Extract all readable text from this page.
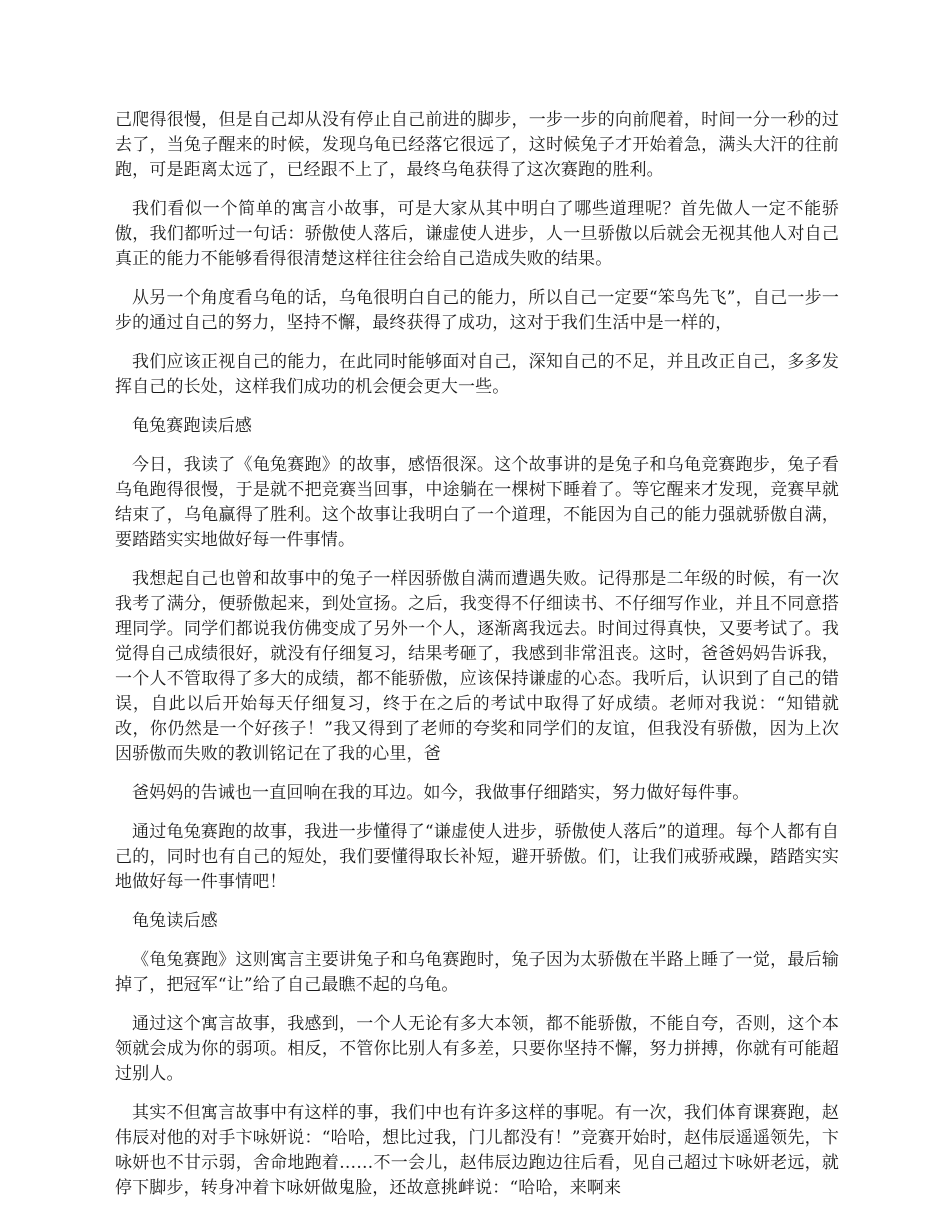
己爬得很慢，但是自己却从没有停止自己前进的脚步，一步一步的向前爬着，时间一分一秒的过去了，当兔子醒来的时候，发现乌龟已经落它很远了，这时候兔子才开始着急，满头大汗的往前跑，可是距离太远了，已经跟不上了，最终乌龟获得了这次赛跑的胜利。

我们看似一个简单的寓言小故事，可是大家从其中明白了哪些道理呢？首先做人一定不能骄傲，我们都听过一句话：骄傲使人落后，谦虚使人进步，人一旦骄傲以后就会无视其他人对自己真正的能力不能够看得很清楚这样往往会给自己造成失败的结果。

从另一个角度看乌龟的话，乌龟很明白自己的能力，所以自己一定要“笨鸟先飞”，自己一步一步的通过自己的努力，坚持不懈，最终获得了成功，这对于我们生活中是一样的，

我们应该正视自己的能力，在此同时能够面对自己，深知自己的不足，并且改正自己，多多发挥自己的长处，这样我们成功的机会便会更大一些。

龟兔赛跑读后感

今日，我读了《龟兔赛跑》的故事，感悟很深。这个故事讲的是兔子和乌龟竞赛跑步，兔子看乌龟跑得很慢，于是就不把竞赛当回事，中途躺在一棵树下睡着了。等它醒来才发现，竞赛早就结束了，乌龟赢得了胜利。这个故事让我明白了一个道理，不能因为自己的能力强就骄傲自满，要踏踏实实地做好每一件事情。

我想起自己也曾和故事中的兔子一样因骄傲自满而遭遇失败。记得那是二年级的时候，有一次我考了满分，便骄傲起来，到处宣扬。之后，我变得不仔细读书、不仔细写作业，并且不同意搭理同学。同学们都说我仿佛变成了另外一个人，逐渐离我远去。时间过得真快，又要考试了。我觉得自己成绩很好，就没有仔细复习，结果考砸了，我感到非常沮丧。这时，爸爸妈妈告诉我，一个人不管取得了多大的成绩，都不能骄傲，应该保持谦虚的心态。我听后，认识到了自己的错误，自此以后开始每天仔细复习，终于在之后的考试中取得了好成绩。老师对我说：“知错就改，你仍然是一个好孩子！”我又得到了老师的夸奖和同学们的友谊，但我没有骄傲，因为上次因骄傲而失败的教训铭记在了我的心里，爸

爸妈妈的告诫也一直回响在我的耳边。如今，我做事仔细踏实，努力做好每件事。

通过龟兔赛跑的故事，我进一步懂得了“谦虚使人进步，骄傲使人落后”的道理。每个人都有自己的，同时也有自己的短处，我们要懂得取长补短，避开骄傲。们，让我们戒骄戒躁，踏踏实实地做好每一件事情吧！

龟兔读后感

《龟兔赛跑》这则寓言主要讲兔子和乌龟赛跑时，兔子因为太骄傲在半路上睡了一觉，最后输掉了，把冠军“让”给了自己最瞧不起的乌龟。

通过这个寓言故事，我感到，一个人无论有多大本领，都不能骄傲，不能自夸，否则，这个本领就会成为你的弱项。相反，不管你比别人有多差，只要你坚持不懈，努力拼搏，你就有可能超过别人。

其实不但寓言故事中有这样的事，我们中也有许多这样的事呢。有一次，我们体育课赛跑，赵伟辰对他的对手卞咏妍说：“哈哈，想比过我，门儿都没有！”竞赛开始时，赵伟辰遥遥领先，卞咏妍也不甘示弱，舍命地跑着……不一会儿，赵伟辰边跑边往后看，见自己超过卞咏妍老远，就停下脚步，转身冲着卞咏妍做鬼脸，还故意挑衅说：“哈哈，来啊来
